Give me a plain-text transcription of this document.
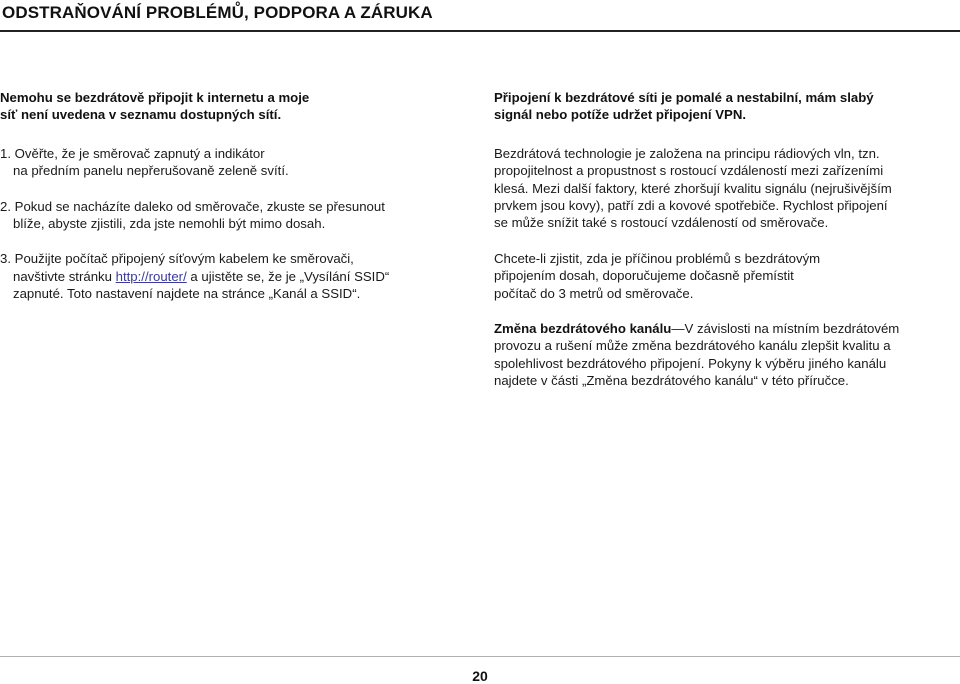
ODSTRAŇOVÁNÍ PROBLÉMŮ, PODPORA A ZÁRUKA
Nemohu se bezdrátově připojit k internetu a moje
síť není uvedena v seznamu dostupných sítí.
1. Ověřte, že je směrovač zapnutý a indikátor
na předním panelu nepřerušovaně zeleně svítí.
2. Pokud se nacházíte daleko od směrovače, zkuste se přesunout
blíže, abyste zjistili, zda jste nemohli být mimo dosah.
3. Použijte počítač připojený síťovým kabelem ke směrovači,
navštivte stránku http://router/ a ujistěte se, že je „Vysílání SSID“
zapnuté. Toto nastavení najdete na stránce „Kanál a SSID“.
Připojení k bezdrátové síti je pomalé a nestabilní, mám slabý
signál nebo potíže udržet připojení VPN.
Bezdrátová technologie je založena na principu rádiových vln, tzn.
propojitelnost a propustnost s rostoucí vzdáleností mezi zařízeními
klesá. Mezi další faktory, které zhoršují kvalitu signálu (nejrušivějším
prvkem jsou kovy), patří zdi a kovové spotřebiče. Rychlost připojení
se může snížit také s rostoucí vzdáleností od směrovače.
Chcete-li zjistit, zda je příčinou problémů s bezdrátovým
připojením dosah, doporučujeme dočasně přemístit
počítač do 3 metrů od směrovače.
Změna bezdrátového kanálu—V závislosti na místním bezdrátovém
provozu a rušení může změna bezdrátového kanálu zlepšit kvalitu a
spolehlivost bezdrátového připojení. Pokyny k výběru jiného kanálu
najdete v části „Změna bezdrátového kanálu“ v této příručce.
20
